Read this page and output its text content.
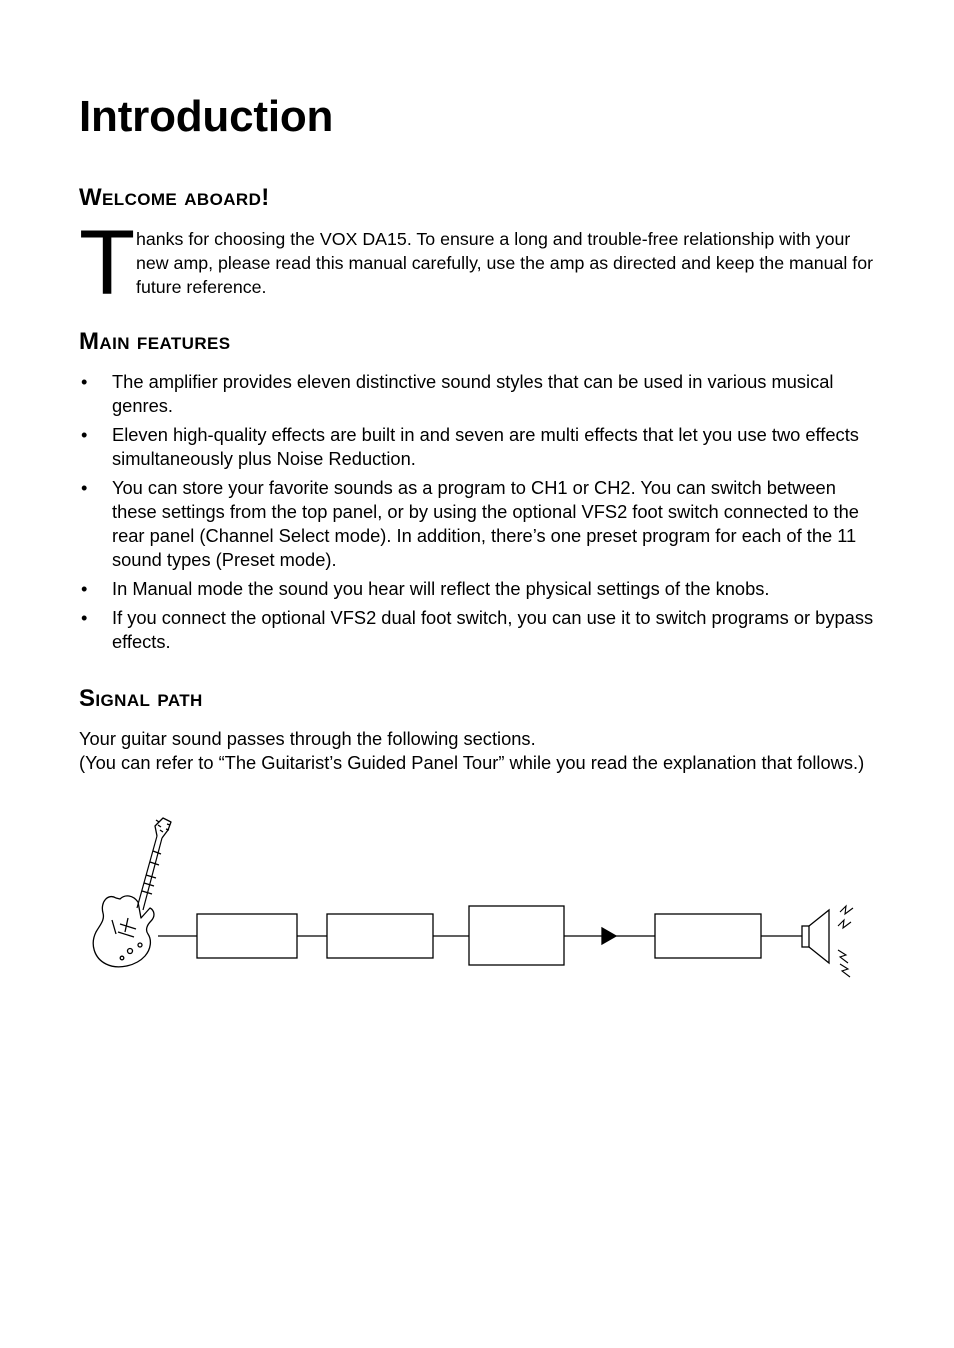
Introduction
Welcome aboard!
T hanks for choosing the VOX DA15. To ensure a long and trouble-free relationship with your new amp, please read this manual carefully, use the amp as directed and keep the manual for future reference.

Main features
• The amplifier provides eleven distinctive sound styles that can be used in various musical genres.
• Eleven high-quality effects are built in and seven are multi effects that let you use two effects simultaneously plus Noise Reduction.
• You can store your favorite sounds as a program to CH1 or CH2. You can switch between these settings from the top panel, or by using the optional VFS2 foot switch connected to the rear panel (Channel Select mode). In addition, there’s one preset program for each of the 11 sound types (Preset mode).
• In Manual mode the sound you hear will reflect the physical settings of the knobs.
• If you connect the optional VFS2 dual foot switch, you can use it to switch programs or bypass effects.
Signal path
Your guitar sound passes through the following sections.
(You can refer to “The Guitarist’s Guided Panel Tour” while you read the explanation that follows.)
